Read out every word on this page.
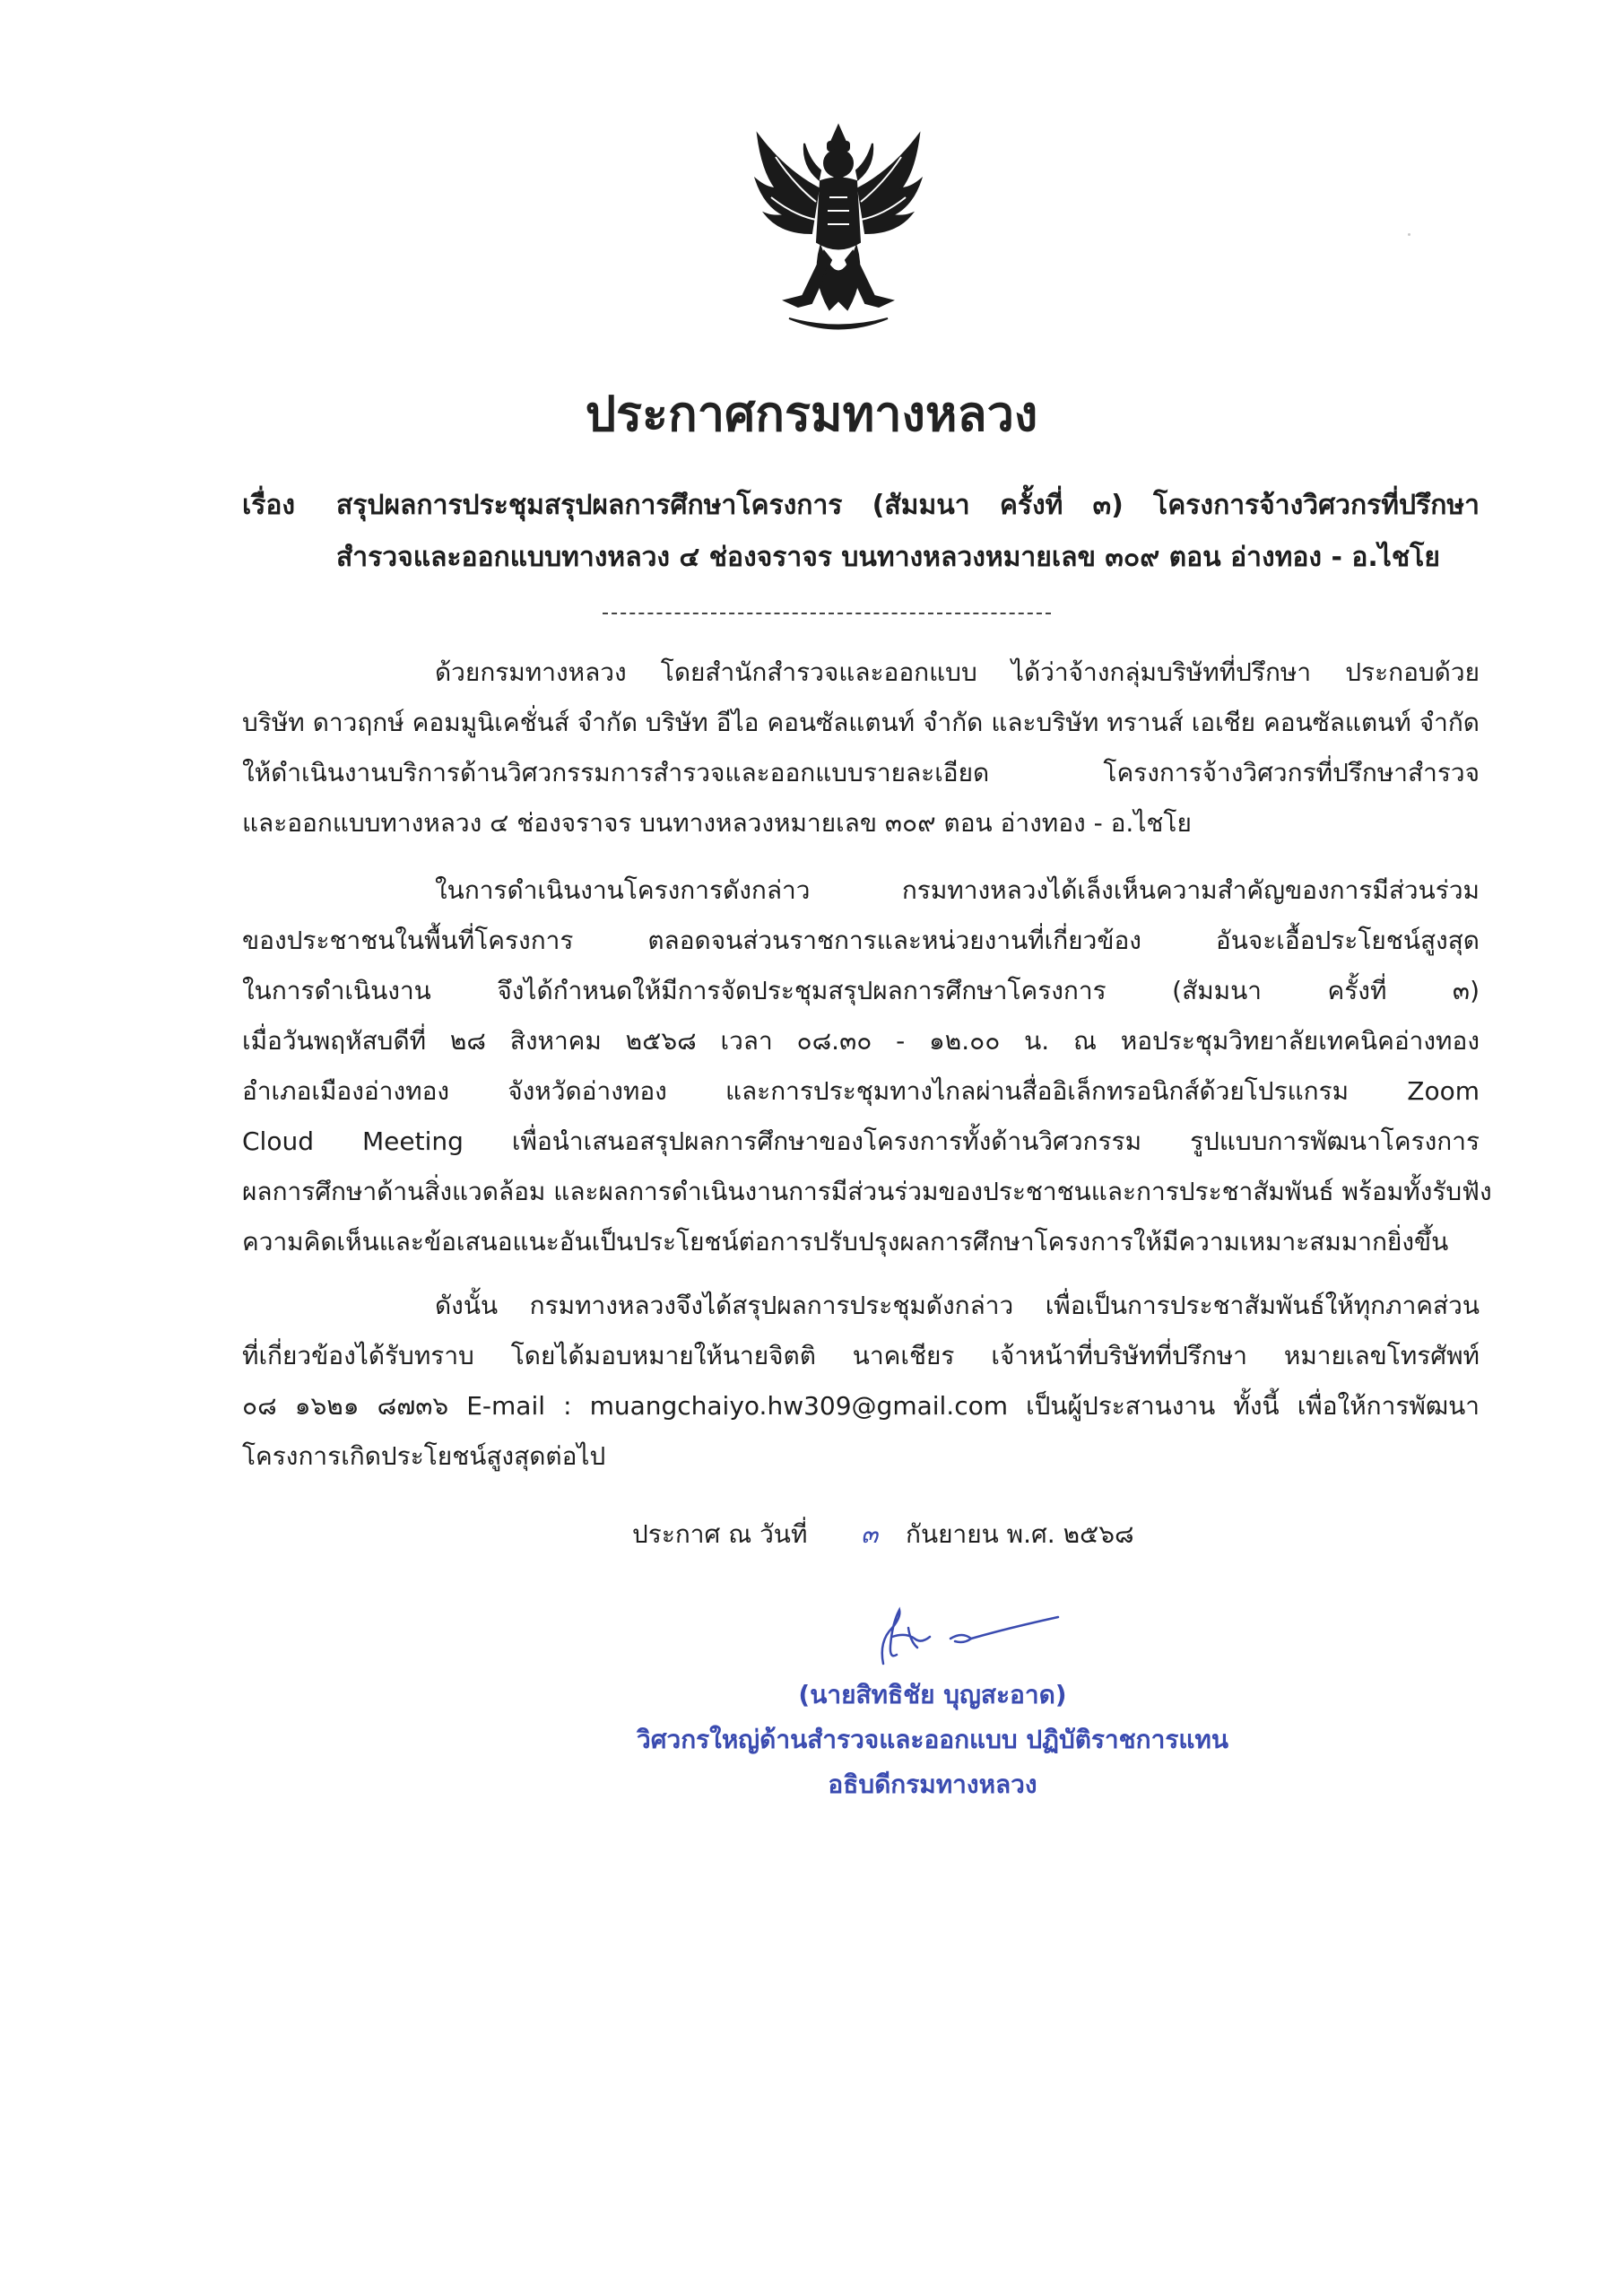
ประกาศกรมทางหลวง
เรื่อง สรุปผลการประชุมสรุปผลการศึกษาโครงการ (สัมมนา ครั้งที่ ๓) โครงการจ้างวิศวกรที่ปรึกษา
สำรวจและออกแบบทางหลวง ๔ ช่องจราจร บนทางหลวงหมายเลข ๓๐๙ ตอน อ่างทอง - อ.ไชโย
ด้วยกรมทางหลวง โดยสำนักสำรวจและออกแบบ ได้ว่าจ้างกลุ่มบริษัทที่ปรึกษา ประกอบด้วย
บริษัท ดาวฤกษ์ คอมมูนิเคชั่นส์ จำกัด บริษัท อีไอ คอนซัลแตนท์ จำกัด และบริษัท ทรานส์ เอเชีย คอนซัลแตนท์ จำกัด
ให้ดำเนินงานบริการด้านวิศวกรรมการสำรวจและออกแบบรายละเอียด โครงการจ้างวิศวกรที่ปรึกษาสำรวจ
และออกแบบทางหลวง ๔ ช่องจราจร บนทางหลวงหมายเลข ๓๐๙ ตอน อ่างทอง - อ.ไชโย
ในการดำเนินงานโครงการดังกล่าว กรมทางหลวงได้เล็งเห็นความสำคัญของการมีส่วนร่วม
ของประชาชนในพื้นที่โครงการ ตลอดจนส่วนราชการและหน่วยงานที่เกี่ยวข้อง อันจะเอื้อประโยชน์สูงสุด
ในการดำเนินงาน จึงได้กำหนดให้มีการจัดประชุมสรุปผลการศึกษาโครงการ (สัมมนา ครั้งที่ ๓)
เมื่อวันพฤหัสบดีที่ ๒๘ สิงหาคม ๒๕๖๘ เวลา ๐๘.๓๐ - ๑๒.๐๐ น. ณ หอประชุมวิทยาลัยเทคนิคอ่างทอง
อำเภอเมืองอ่างทอง จังหวัดอ่างทอง และการประชุมทางไกลผ่านสื่ออิเล็กทรอนิกส์ด้วยโปรแกรม Zoom
Cloud Meeting เพื่อนำเสนอสรุปผลการศึกษาของโครงการทั้งด้านวิศวกรรม รูปแบบการพัฒนาโครงการ
ผลการศึกษาด้านสิ่งแวดล้อม และผลการดำเนินงานการมีส่วนร่วมของประชาชนและการประชาสัมพันธ์ พร้อมทั้งรับฟัง
ความคิดเห็นและข้อเสนอแนะอันเป็นประโยชน์ต่อการปรับปรุงผลการศึกษาโครงการให้มีความเหมาะสมมากยิ่งขึ้น
ดังนั้น กรมทางหลวงจึงได้สรุปผลการประชุมดังกล่าว เพื่อเป็นการประชาสัมพันธ์ให้ทุกภาคส่วน
ที่เกี่ยวข้องได้รับทราบ โดยได้มอบหมายให้นายจิตติ นาคเชียร เจ้าหน้าที่บริษัทที่ปรึกษา หมายเลขโทรศัพท์
๐๘ ๑๖๒๑ ๘๗๓๖ E-mail : muangchaiyo.hw309@gmail.com เป็นผู้ประสานงาน ทั้งนี้ เพื่อให้การพัฒนา
โครงการเกิดประโยชน์สูงสุดต่อไป
ประกาศ ณ วันที่ ๓ กันยายน พ.ศ. ๒๕๖๘
(นายสิทธิชัย บุญสะอาด)
วิศวกรใหญ่ด้านสำรวจและออกแบบ ปฏิบัติราชการแทน
อธิบดีกรมทางหลวง
